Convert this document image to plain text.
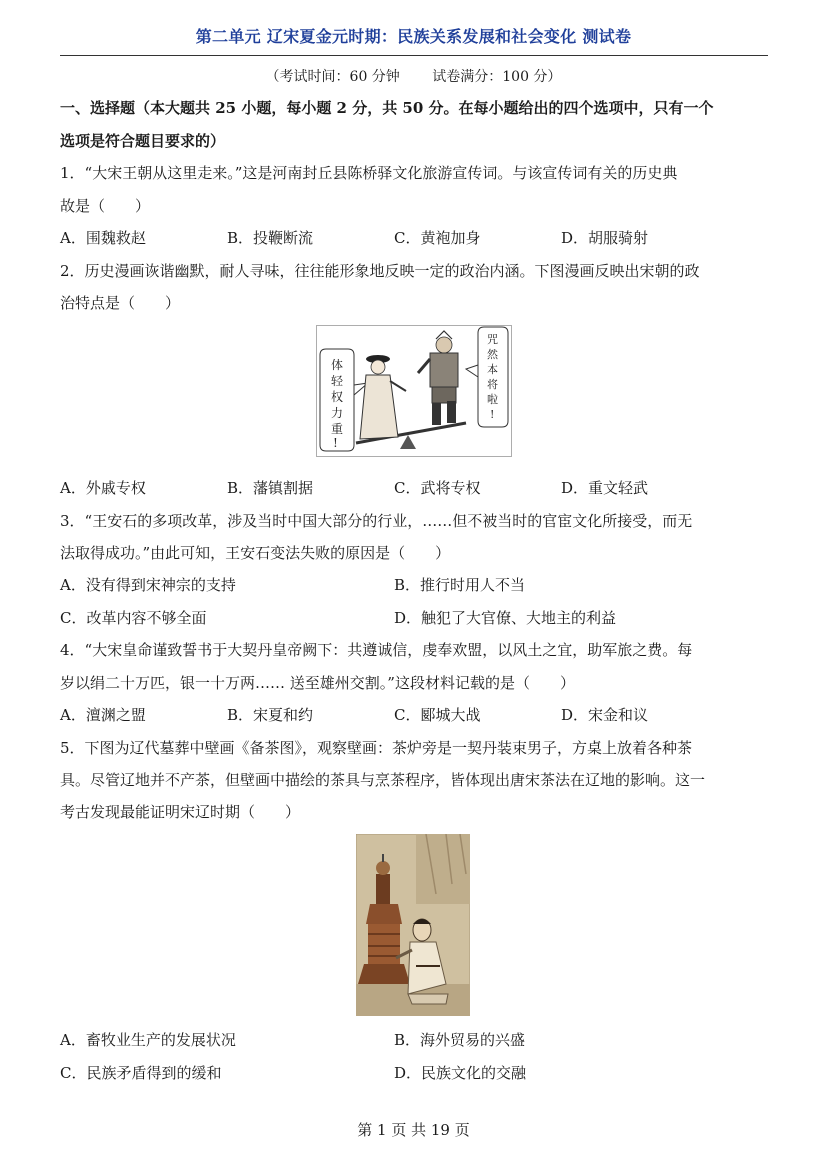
第二单元 辽宋夏金元时期：民族关系发展和社会变化 测试卷
（考试时间：60 分钟 试卷满分：100 分）
一、选择题（本大题共 25 小题，每小题 2 分，共 50 分。在每小题给出的四个选项中，只有一个
选项是符合题目要求的）
1．“大宋王朝从这里走来。”这是河南封丘县陈桥驿文化旅游宣传词。与该宣传词有关的历史典
故是（　　）
A．围魏救赵	B．投鞭断流	C．黄袍加身	D．胡服骑射
2．历史漫画诙谐幽默，耐人寻味，往往能形象地反映一定的政治内涵。下图漫画反映出宋朝的政
治特点是（　　）
体轻权力重!
咒然本将啦!
A．外戚专权	B．藩镇割据	C．武将专权	D．重文轻武
3．“王安石的多项改革，涉及当时中国大部分的行业，……但不被当时的官宦文化所接受，而无
法取得成功。”由此可知，王安石变法失败的原因是（　　）
A．没有得到宋神宗的支持	B．推行时用人不当
C．改革内容不够全面	D．触犯了大官僚、大地主的利益
4．“大宋皇命谨致誓书于大契丹皇帝阙下：共遵诚信，虔奉欢盟，以风土之宜，助军旅之费。每
岁以绢二十万匹，银一十万两…… 送至雄州交割。”这段材料记载的是（　　）
A．澶渊之盟	B．宋夏和约	C．郾城大战	D．宋金和议
5．下图为辽代墓葬中壁画《备茶图》，观察壁画：茶炉旁是一契丹装束男子，方桌上放着各种茶
具。尽管辽地并不产茶，但壁画中描绘的茶具与烹茶程序，皆体现出唐宋茶法在辽地的影响。这一
考古发现最能证明宋辽时期（　　）
A．畜牧业生产的发展状况	B．海外贸易的兴盛
C．民族矛盾得到的缓和	D．民族文化的交融
第 1 页 共 19 页
